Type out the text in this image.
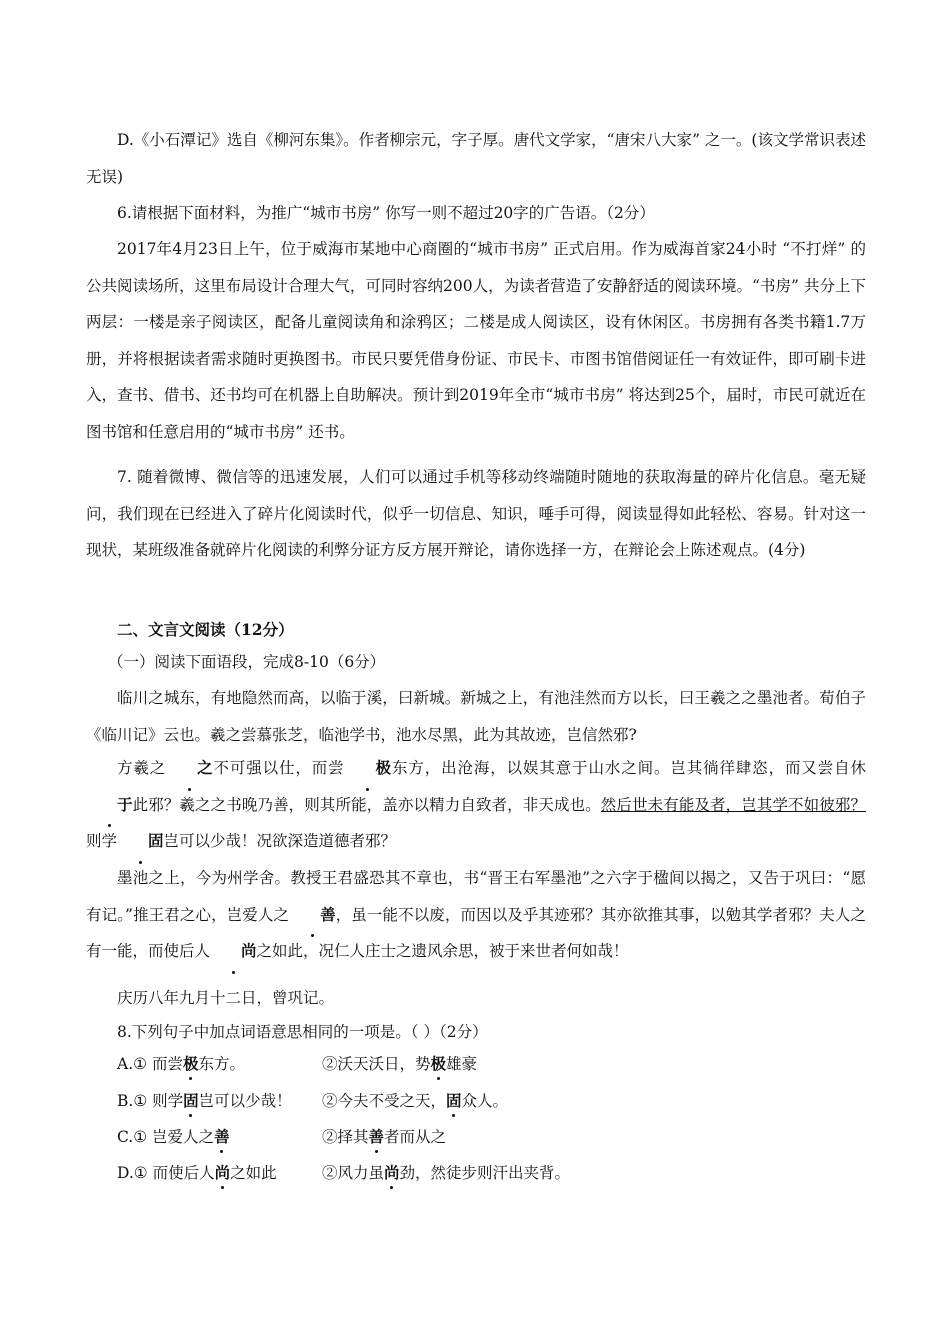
D.《小石潭记》选自《柳河东集》。作者柳宗元，字子厚。唐代文学家，“唐宋八大家” 之一。(该文学常识表述无误)

6.请根据下面材料，为推广“城市书房” 你写一则不超过20字的广告语。（2分）

2017年4月23日上午，位于威海市某地中心商圈的“城市书房” 正式启用。作为威海首家24小时 “不打烊” 的公共阅读场所，这里布局设计合理大气，可同时容纳200人，为读者营造了安静舒适的阅读环境。“书房” 共分上下两层：一楼是亲子阅读区，配备儿童阅读角和涂鸦区；二楼是成人阅读区，设有休闲区。书房拥有各类书籍1.7万册，并将根据读者需求随时更换图书。市民只要凭借身份证、市民卡、市图书馆借阅证任一有效证件，即可刷卡进入，查书、借书、还书均可在机器上自助解决。预计到2019年全市“城市书房” 将达到25个，届时，市民可就近在图书馆和任意启用的“城市书房” 还书。

7. 随着微博、微信等的迅速发展，人们可以通过手机等移动终端随时随地的获取海量的碎片化信息。毫无疑问，我们现在已经进入了碎片化阅读时代，似乎一切信息、知识，唾手可得，阅读显得如此轻松、容易。针对这一现状，某班级准备就碎片化阅读的利弊分证方反方展开辩论，请你选择一方，在辩论会上陈述观点。(4分)

二、文言文阅读（12分）

（一）阅读下面语段，完成8-10（6分）

临川之城东，有地隐然而高，以临于溪，曰新城。新城之上，有池洼然而方以长，曰王羲之之墨池者。荀伯子《临川记》云也。羲之尝慕张芝，临池学书，池水尽黑，此为其故迹，岂信然邪?

方羲之 之不可强以仕，而尝 极东方，出沧海，以娱其意于山水之间。岂其徜徉肆恣，而又尝自休于此邪？羲之之书晚乃善，则其所能，盖亦以精力自致者，非天成也。然后世未有能及者，岂其学不如彼邪？则学 固岂可以少哉！况欲深造道德者邪？

墨池之上，今为州学舍。教授王君盛恐其不章也，书“晋王右军墨池”之六字于楹间以揭之，又告于巩曰：“愿有记。”推王君之心，岂爱人之 善，虽一能不以废，而因以及乎其迹邪？其亦欲推其事，以勉其学者邪？夫人之有一能，而使后人 尚之如此，况仁人庄士之遗风余思，被于来世者何如哉！

庆历八年九月十二日，曾巩记。

8.下列句子中加点词语意思相同的一项是。（ ）（2分）

A.① 而尝极东方。	②沃天沃日，势极雄豪
B.① 则学固岂可以少哉！ ②今夫不受之天，固众人。
C.① 岂爱人之善	②择其善者而从之
D.① 而使后人尚之如此	②风力虽尚劲，然徒步则汗出夹背。
